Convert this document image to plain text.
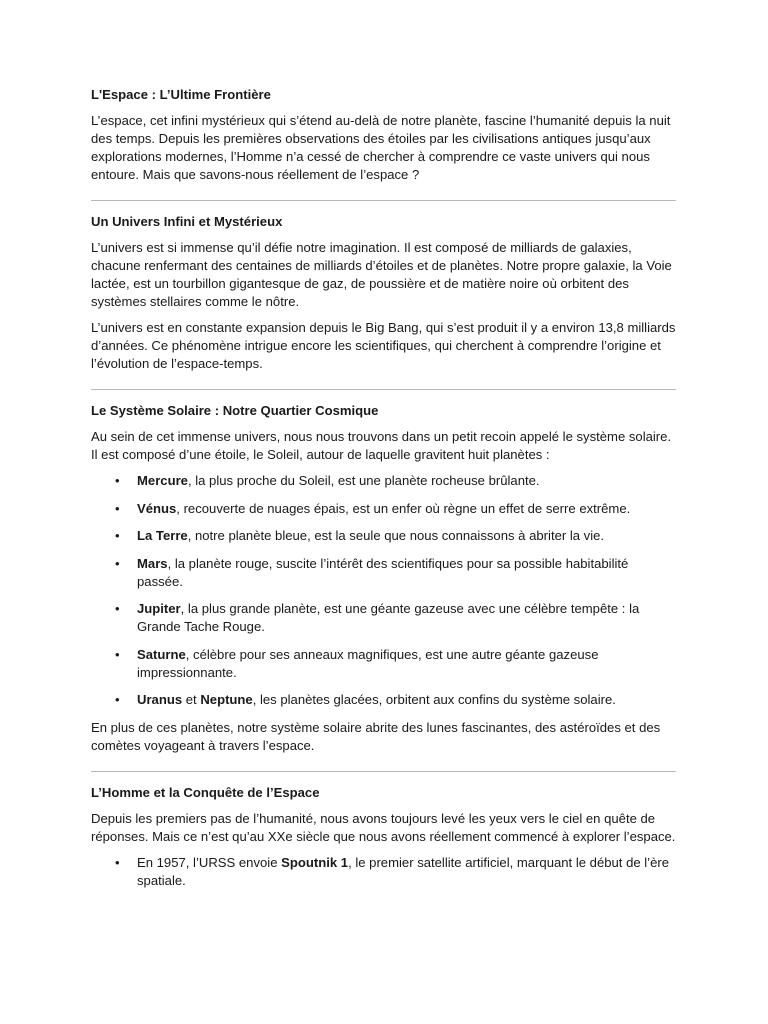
L'Espace : L’Ultime Frontière

L’espace, cet infini mystérieux qui s’étend au-delà de notre planète, fascine l’humanité depuis la nuit des temps. Depuis les premières observations des étoiles par les civilisations antiques jusqu’aux explorations modernes, l’Homme n’a cessé de chercher à comprendre ce vaste univers qui nous entoure. Mais que savons-nous réellement de l’espace ?

Un Univers Infini et Mystérieux

L’univers est si immense qu’il défie notre imagination. Il est composé de milliards de galaxies, chacune renfermant des centaines de milliards d’étoiles et de planètes. Notre propre galaxie, la Voie lactée, est un tourbillon gigantesque de gaz, de poussière et de matière noire où orbitent des systèmes stellaires comme le nôtre.

L’univers est en constante expansion depuis le Big Bang, qui s’est produit il y a environ 13,8 milliards d’années. Ce phénomène intrigue encore les scientifiques, qui cherchent à comprendre l’origine et l’évolution de l’espace-temps.

Le Système Solaire : Notre Quartier Cosmique

Au sein de cet immense univers, nous nous trouvons dans un petit recoin appelé le système solaire. Il est composé d’une étoile, le Soleil, autour de laquelle gravitent huit planètes :

• Mercure, la plus proche du Soleil, est une planète rocheuse brûlante.
• Vénus, recouverte de nuages épais, est un enfer où règne un effet de serre extrême.
• La Terre, notre planète bleue, est la seule que nous connaissons à abriter la vie.
• Mars, la planète rouge, suscite l’intérêt des scientifiques pour sa possible habitabilité passée.
• Jupiter, la plus grande planète, est une géante gazeuse avec une célèbre tempête : la Grande Tache Rouge.
• Saturne, célèbre pour ses anneaux magnifiques, est une autre géante gazeuse impressionnante.
• Uranus et Neptune, les planètes glacées, orbitent aux confins du système solaire.

En plus de ces planètes, notre système solaire abrite des lunes fascinantes, des astéroïdes et des comètes voyageant à travers l’espace.

L’Homme et la Conquête de l’Espace

Depuis les premiers pas de l’humanité, nous avons toujours levé les yeux vers le ciel en quête de réponses. Mais ce n’est qu’au XXe siècle que nous avons réellement commencé à explorer l’espace.

• En 1957, l’URSS envoie Spoutnik 1, le premier satellite artificiel, marquant le début de l’ère spatiale.
